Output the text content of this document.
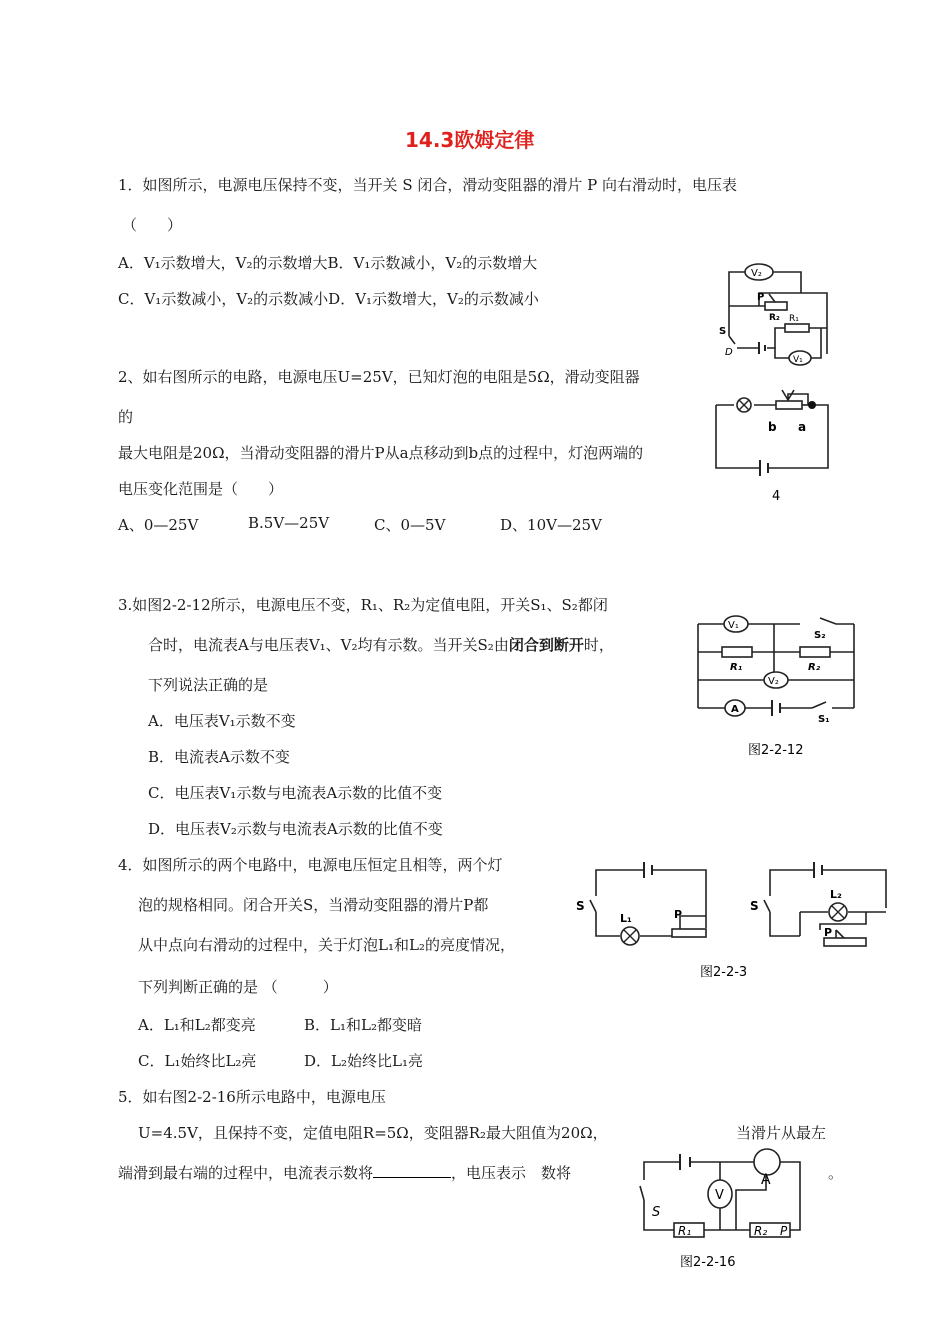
14.3欧姆定律
1．如图所示，电源电压保持不变，当开关 S 闭合，滑动变阻器的滑片 P 向右滑动时，电压表
（　　）
A．V₁示数增大，V₂的示数增大B．V₁示数减小，V₂的示数增大
C．V₁示数减小，V₂的示数减小D．V₁示数增大，V₂的示数减小
V₂
P
R₂ R₁
S
D
V₁
2、如右图所示的电路，电源电压U=25V，已知灯泡的电阻是5Ω，滑动变阻器
的
最大电阻是20Ω，当滑动变阻器的滑片P从a点移动到b点的过程中，灯泡两端的
电压变化范围是（　　）
A、0—25V	B.5V—25V	C、0—5V	D、10V—25V
b a
4
3.如图2-2-12所示，电源电压不变，R₁、R₂为定值电阻，开关S₁、S₂都闭
合时，电流表A与电压表V₁、V₂均有示数。当开关S₂由闭合到断开时，
下列说法正确的是
A．电压表V₁示数不变
B．电流表A示数不变
C．电压表V₁示数与电流表A示数的比值不变
D．电压表V₂示数与电流表A示数的比值不变
V₁
S₂
R₁	R₂
V₂
A
S₁
图2-2-12
4．如图所示的两个电路中，电源电压恒定且相等，两个灯
泡的规格相同。闭合开关S，当滑动变阻器的滑片P都
从中点向右滑动的过程中，关于灯泡L₁和L₂的亮度情况，
下列判断正确的是 （　　　）
A．L₁和L₂都变亮	B．L₁和L₂都变暗
C．L₁始终比L₂亮	D．L₂始终比L₁亮
S
L₁	P
S
L₂
P
图2-2-3
5．如右图2-2-16所示电路中，电源电压
U=4.5V，且保持不变，定值电阻R=5Ω，变阻器R₂最大阻值为20Ω，	当滑片从最左
端滑到最右端的过程中，电流表示数将	，电压表示　数将	。
A
V
S
R₁	R₂ P
图2-2-16
